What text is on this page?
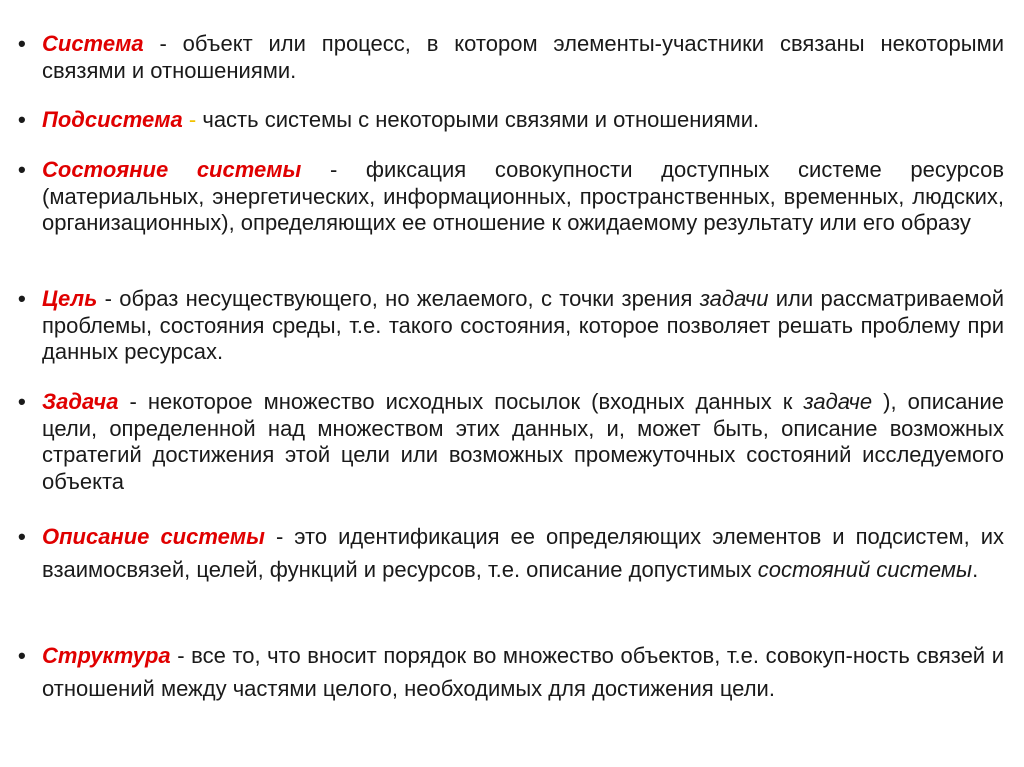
• Система - объект или процесс, в котором элементы-участники связаны некоторыми связями и отношениями.
• Подсистема - часть системы с некоторыми связями и отношениями.
• Состояние системы - фиксация совокупности доступных системе ресурсов (материальных, энергетических, информационных, пространственных, временных, людских, организационных), определяющих ее отношение к ожидаемому результату или его образу
• Цель - образ несуществующего, но желаемого, с точки зрения задачи или рассматриваемой проблемы, состояния среды, т.е. такого состояния, которое позволяет решать проблему при данных ресурсах.
• Задача - некоторое множество исходных посылок (входных данных к задаче ), описание цели, определенной над множеством этих данных, и, может быть, описание возможных стратегий достижения этой цели или возможных промежуточных состояний исследуемого объекта
• Описание системы - это идентификация ее определяющих элементов и подсистем, их взаимосвязей, целей, функций и ресурсов, т.е. описание допустимых состояний системы.
• Структура - все то, что вносит порядок во множество объектов, т.е. совокуп-ность связей и отношений между частями целого, необходимых для достижения цели.
